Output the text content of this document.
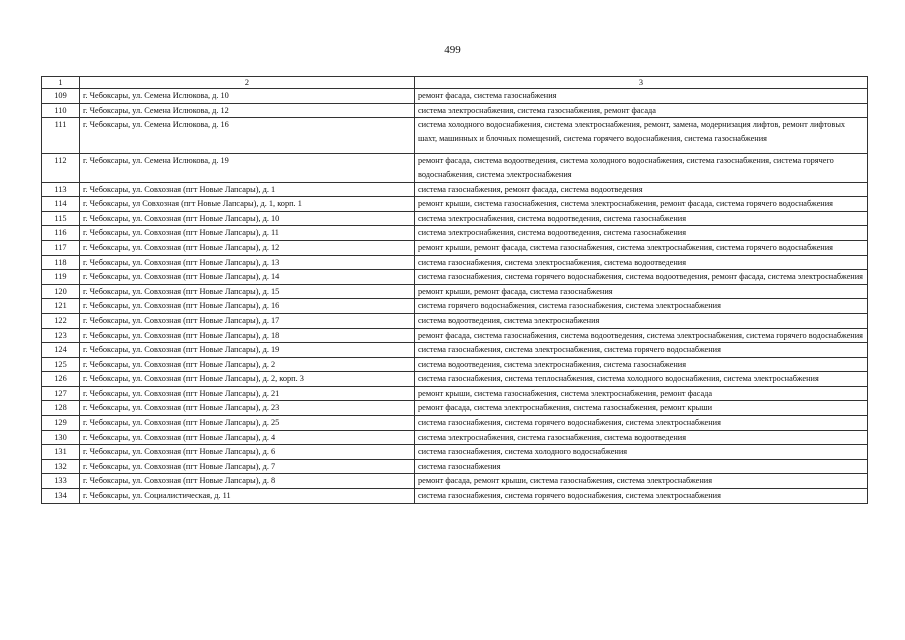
499
1	2	3
109	г. Чебоксары, ул. Семена Ислюкова, д. 10	ремонт фасада, система газоснабжения
110	г. Чебоксары, ул. Семена Ислюкова, д. 12	система электроснабжения, система газоснабжения, ремонт фасада
111	г. Чебоксары, ул. Семена Ислюкова, д. 16	система холодного водоснабжения, система электроснабжения, ремонт, замена, модернизация лифтов, ремонт лифтовых шахт, машинных и блочных помещений, система горячего водоснабжения, система газоснабжения
112	г. Чебоксары, ул. Семена Ислюкова, д. 19	ремонт фасада, система водоотведения, система холодного водоснабжения, система газоснабжения, система горячего водоснабжения, система электроснабжения
113	г. Чебоксары, ул. Совхозная (пгт Новые Лапсары), д. 1	система газоснабжения, ремонт фасада, система водоотведения
114	г. Чебоксары, ул Совхозная (пгт Новые Лапсары), д. 1, корп. 1	ремонт крыши, система газоснабжения, система электроснабжения, ремонт фасада, система горячего водоснабжения
115	г. Чебоксары, ул. Совхозная (пгт Новые Лапсары), д. 10	система электроснабжения, система водоотведения, система газоснабжения
116	г. Чебоксары, ул. Совхозная (пгт Новые Лапсары), д. 11	система электроснабжения, система водоотведения, система газоснабжения
117	г. Чебоксары, ул. Совхозная (пгт Новые Лапсары), д. 12	ремонт крыши, ремонт фасада, система газоснабжения, система электроснабжения, система горячего водоснабжения
118	г. Чебоксары, ул. Совхозная (пгт Новые Лапсары), д. 13	система газоснабжения, система электроснабжения, система водоотведения
119	г. Чебоксары, ул. Совхозная (пгт Новые Лапсары), д. 14	система газоснабжения, система горячего водоснабжения, система водоотведения, ремонт фасада, система электроснабжения
120	г. Чебоксары, ул. Совхозная (пгт Новые Лапсары), д. 15	ремонт крыши, ремонт фасада, система газоснабжения
121	г. Чебоксары, ул. Совхозная (пгт Новые Лапсары), д. 16	система горячего водоснабжения, система газоснабжения, система электроснабжения
122	г. Чебоксары, ул. Совхозная (пгт Новые Лапсары), д. 17	система водоотведения, система электроснабжения
123	г. Чебоксары, ул. Совхозная (пгт Новые Лапсары), д. 18	ремонт фасада, система газоснабжения, система водоотведения, система электроснабжения, система горячего водоснабжения
124	г. Чебоксары, ул. Совхозная (пгт Новые Лапсары), д. 19	система газоснабжения, система электроснабжения, система горячего водоснабжения
125	г. Чебоксары, ул. Совхозная (пгт Новые Лапсары), д. 2	система водоотведения, система электроснабжения, система газоснабжения
126	г. Чебоксары, ул. Совхозная (пгт Новые Лапсары), д. 2, корп. 3	система газоснабжения, система теплоснабжения, система холодного водоснабжения, система электроснабжения
127	г. Чебоксары, ул. Совхозная (пгт Новые Лапсары), д. 21	ремонт крыши, система газоснабжения, система электроснабжения, ремонт фасада
128	г. Чебоксары, ул. Совхозная (пгт Новые Лапсары), д. 23	ремонт фасада, система электроснабжения, система газоснабжения, ремонт крыши
129	г. Чебоксары, ул. Совхозная (пгт Новые Лапсары), д. 25	система газоснабжения, система горячего водоснабжения, система электроснабжения
130	г. Чебоксары, ул. Совхозная (пгт Новые Лапсары), д. 4	система электроснабжения, система газоснабжения, система водоотведения
131	г. Чебоксары, ул. Совхозная (пгт Новые Лапсары), д. 6	система газоснабжения, система холодного водоснабжения
132	г. Чебоксары, ул. Совхозная (пгт Новые Лапсары), д. 7	система газоснабжения
133	г. Чебоксары, ул. Совхозная (пгт Новые Лапсары), д. 8	ремонт фасада, ремонт крыши, система газоснабжения, система электроснабжения
134	г. Чебоксары, ул. Социалистическая, д. 11	система газоснабжения, система горячего водоснабжения, система электроснабжения
